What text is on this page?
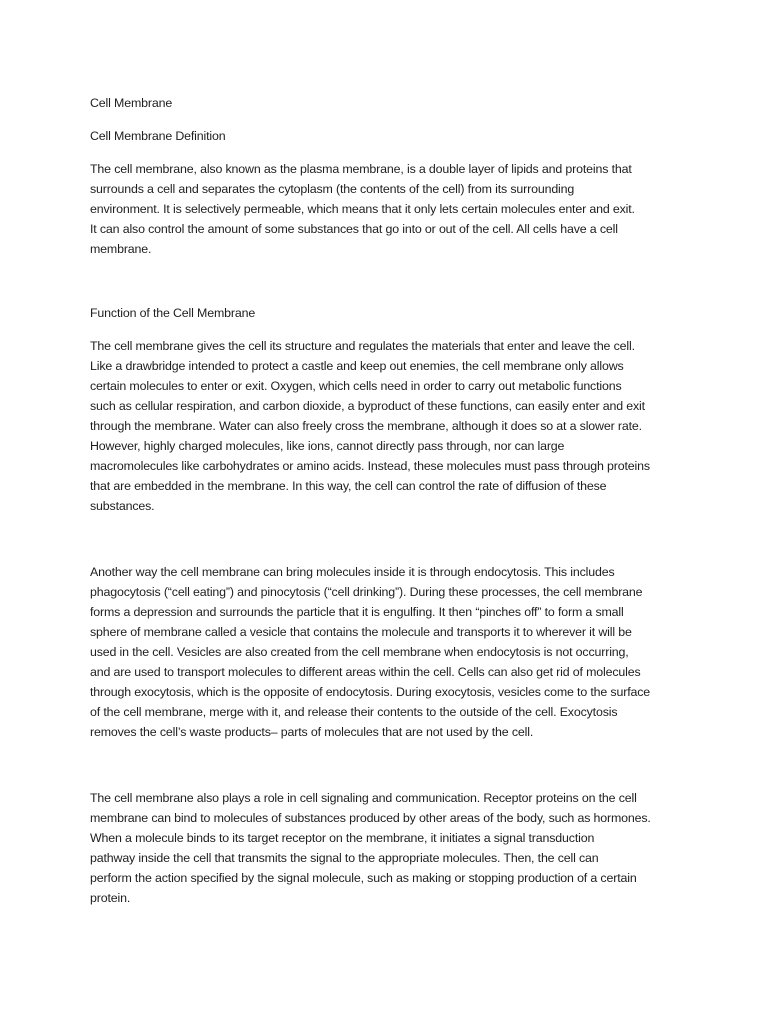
Cell Membrane

Cell Membrane Definition

The cell membrane, also known as the plasma membrane, is a double layer of lipids and proteins that

surrounds a cell and separates the cytoplasm (the contents of the cell) from its surrounding

environment. It is selectively permeable, which means that it only lets certain molecules enter and exit.

It can also control the amount of some substances that go into or out of the cell. All cells have a cell

membrane.

Function of the Cell Membrane

The cell membrane gives the cell its structure and regulates the materials that enter and leave the cell.

Like a drawbridge intended to protect a castle and keep out enemies, the cell membrane only allows

certain molecules to enter or exit. Oxygen, which cells need in order to carry out metabolic functions

such as cellular respiration, and carbon dioxide, a byproduct of these functions, can easily enter and exit

through the membrane. Water can also freely cross the membrane, although it does so at a slower rate.

However, highly charged molecules, like ions, cannot directly pass through, nor can large

macromolecules like carbohydrates or amino acids. Instead, these molecules must pass through proteins

that are embedded in the membrane. In this way, the cell can control the rate of diffusion of these

substances.

Another way the cell membrane can bring molecules inside it is through endocytosis. This includes

phagocytosis (“cell eating”) and pinocytosis (“cell drinking”). During these processes, the cell membrane

forms a depression and surrounds the particle that it is engulfing. It then “pinches off” to form a small

sphere of membrane called a vesicle that contains the molecule and transports it to wherever it will be

used in the cell. Vesicles are also created from the cell membrane when endocytosis is not occurring,

and are used to transport molecules to different areas within the cell. Cells can also get rid of molecules

through exocytosis, which is the opposite of endocytosis. During exocytosis, vesicles come to the surface

of the cell membrane, merge with it, and release their contents to the outside of the cell. Exocytosis

removes the cell’s waste products– parts of molecules that are not used by the cell.

The cell membrane also plays a role in cell signaling and communication. Receptor proteins on the cell

membrane can bind to molecules of substances produced by other areas of the body, such as hormones.

When a molecule binds to its target receptor on the membrane, it initiates a signal transduction

pathway inside the cell that transmits the signal to the appropriate molecules. Then, the cell can

perform the action specified by the signal molecule, such as making or stopping production of a certain

protein.
